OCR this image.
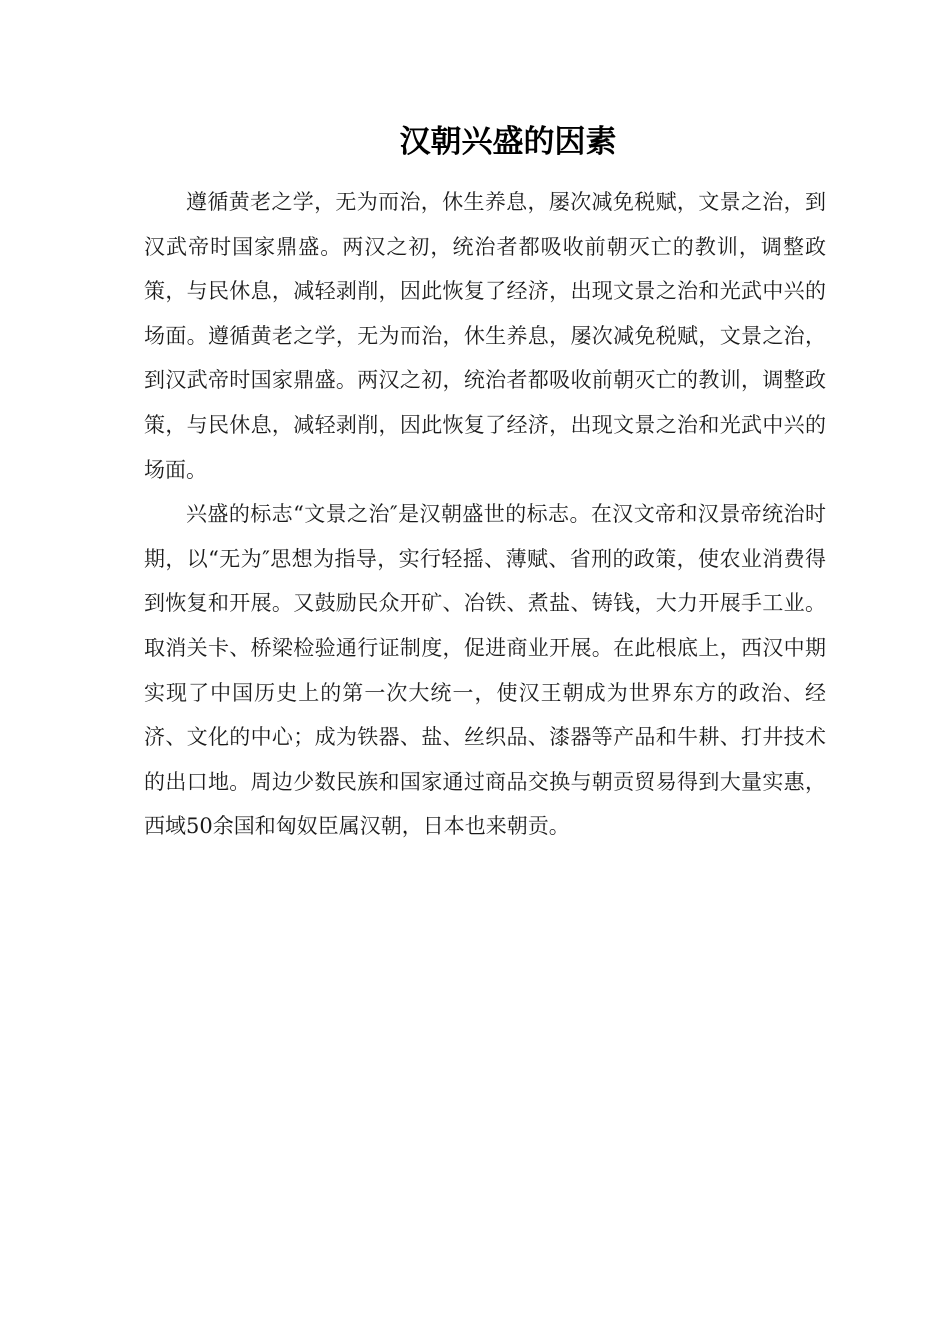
汉朝兴盛的因素

遵循黄老之学，无为而治，休生养息，屡次减免税赋，文景之治，到汉武帝时国家鼎盛。两汉之初，统治者都吸收前朝灭亡的教训，调整政策，与民休息，减轻剥削，因此恢复了经济，出现文景之治和光武中兴的场面。遵循黄老之学，无为而治，休生养息，屡次减免税赋，文景之治，到汉武帝时国家鼎盛。两汉之初，统治者都吸收前朝灭亡的教训，调整政策，与民休息，减轻剥削，因此恢复了经济，出现文景之治和光武中兴的场面。

兴盛的标志“文景之治″是汉朝盛世的标志。在汉文帝和汉景帝统治时期，以“无为″思想为指导，实行轻摇、薄赋、省刑的政策，使农业消费得到恢复和开展。又鼓励民众开矿、冶铁、煮盐、铸钱，大力开展手工业。取消关卡、桥梁检验通行证制度，促进商业开展。在此根底上，西汉中期实现了中国历史上的第一次大统一，使汉王朝成为世界东方的政治、经济、文化的中心；成为铁器、盐、丝织品、漆器等产品和牛耕、打井技术的出口地。周边少数民族和国家通过商品交换与朝贡贸易得到大量实惠，西域50余国和匈奴臣属汉朝，日本也来朝贡。
